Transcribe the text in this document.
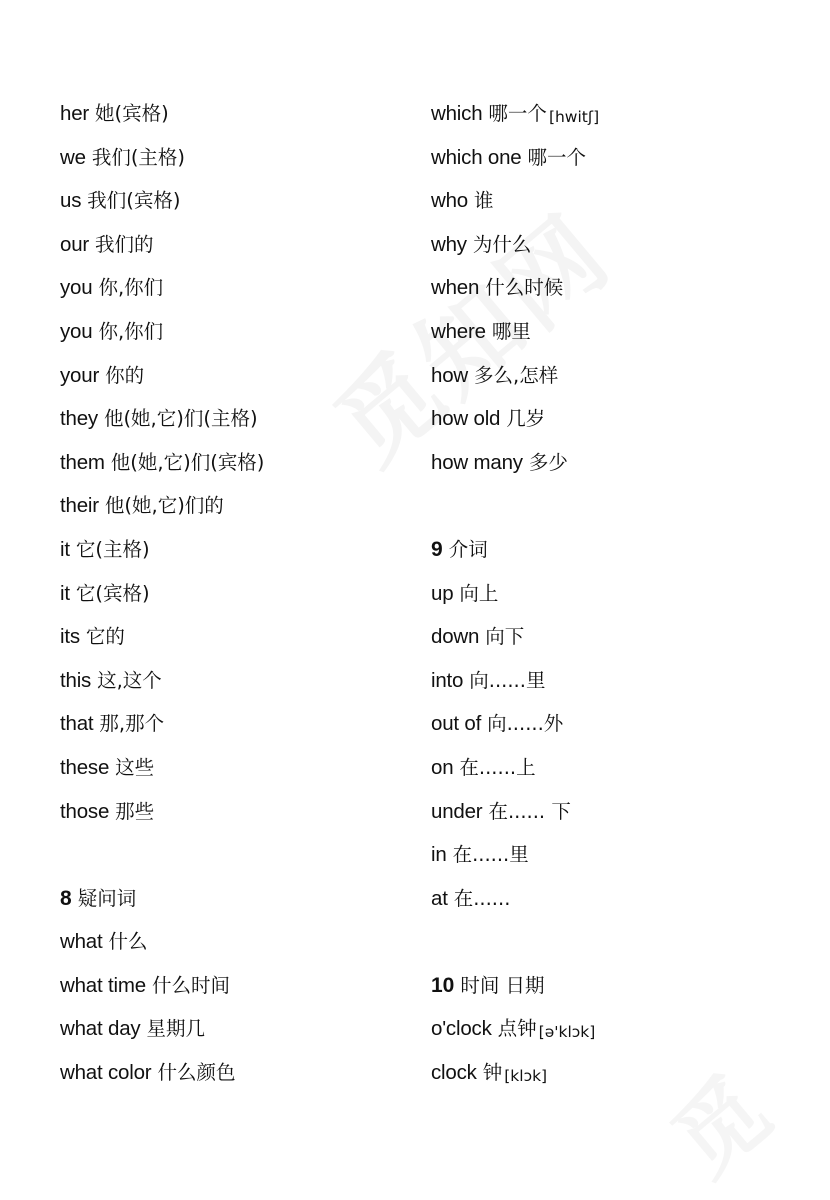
her 她(宾格)
we 我们(主格)
us 我们(宾格)
our 我们的
you 你,你们
you 你,你们
your 你的
they 他(她,它)们(主格)
them 他(她,它)们(宾格)
their 他(她,它)们的
it 它(主格)
it 它(宾格)
its 它的
this 这,这个
that 那,那个
these 这些
those 那些
8 疑问词
what 什么
what time 什么时间
what day 星期几
what color 什么颜色
which 哪一个 [hwitʃ]
which one 哪一个
who 谁
why 为什么
when 什么时候
where 哪里
how 多么,怎样
how old 几岁
how many 多少
9 介词
up 向上
down 向下
into 向......里
out of 向......外
on 在......上
under 在...... 下
in 在......里
at 在......
10 时间 日期
o'clock 点钟 [ə'klɔk]
clock 钟 [klɔk]
